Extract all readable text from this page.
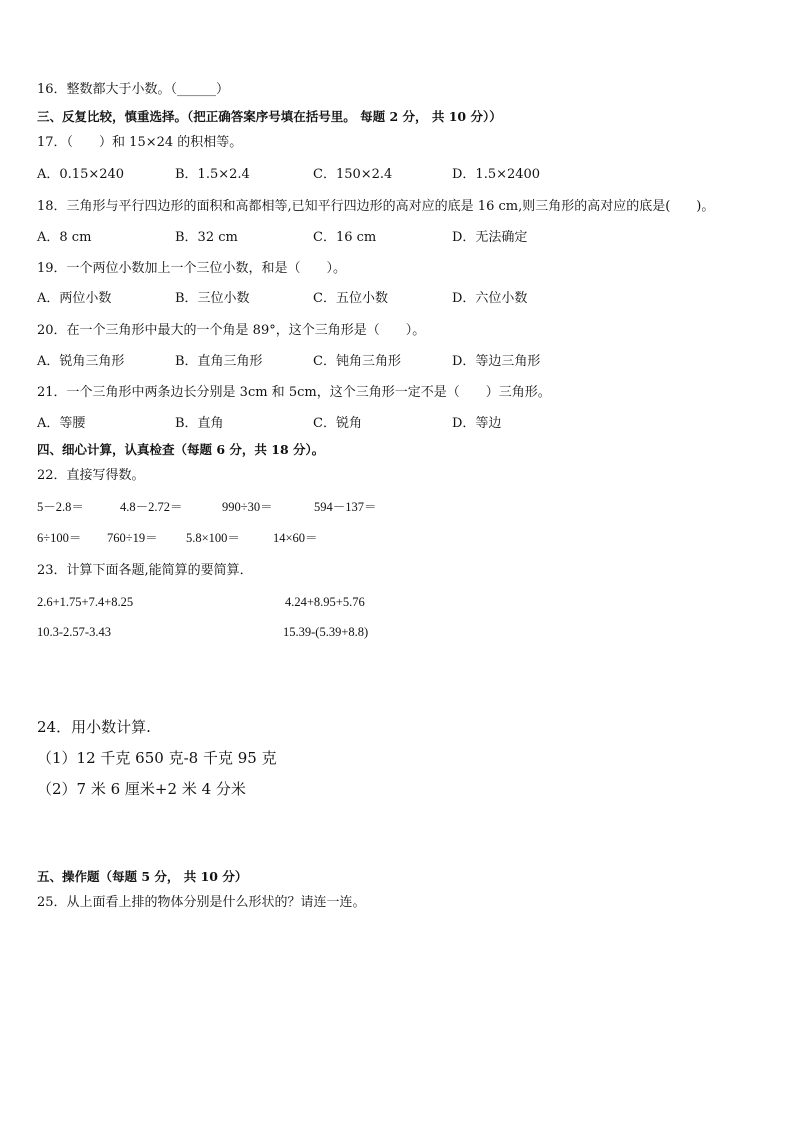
16．整数都大于小数。（______）
三、反复比较，慎重选择。（把正确答案序号填在括号里。 每题 2 分， 共 10 分））
17．（　　）和 15×24 的积相等。
A．0.15×240	B．1.5×2.4	C．150×2.4	D．1.5×2400
18．三角形与平行四边形的面积和高都相等,已知平行四边形的高对应的底是 16 cm,则三角形的高对应的底是(　　)。
A．8 cm	B．32 cm	C．16 cm	D．无法确定
19．一个两位小数加上一个三位小数，和是（　　）。
A．两位小数	B．三位小数	C．五位小数	D．六位小数
20．在一个三角形中最大的一个角是 89°，这个三角形是（　　）。
A．锐角三角形	B．直角三角形	C．钝角三角形	D．等边三角形
21．一个三角形中两条边长分别是 3cm 和 5cm，这个三角形一定不是（　　）三角形。
A．等腰	B．直角	C．锐角	D．等边
四、细心计算，认真检查（每题 6 分，共 18 分）。
22．直接写得数。
5－2.8＝	4.8－2.72＝	990÷30＝	594－137＝
6÷100＝ 760÷19＝ 5.8×100＝	14×60＝
23．计算下面各题,能简算的要简算．
2.6+1.75+7.4+8.25	4.24+8.95+5.76
10.3-2.57-3.43	15.39-(5.39+8.8)
24．用小数计算.
（1）12 千克 650 克-8 千克 95 克
（2）7 米 6 厘米+2 米 4 分米
五、操作题（每题 5 分， 共 10 分）
25．从上面看上排的物体分别是什么形状的？请连一连。
